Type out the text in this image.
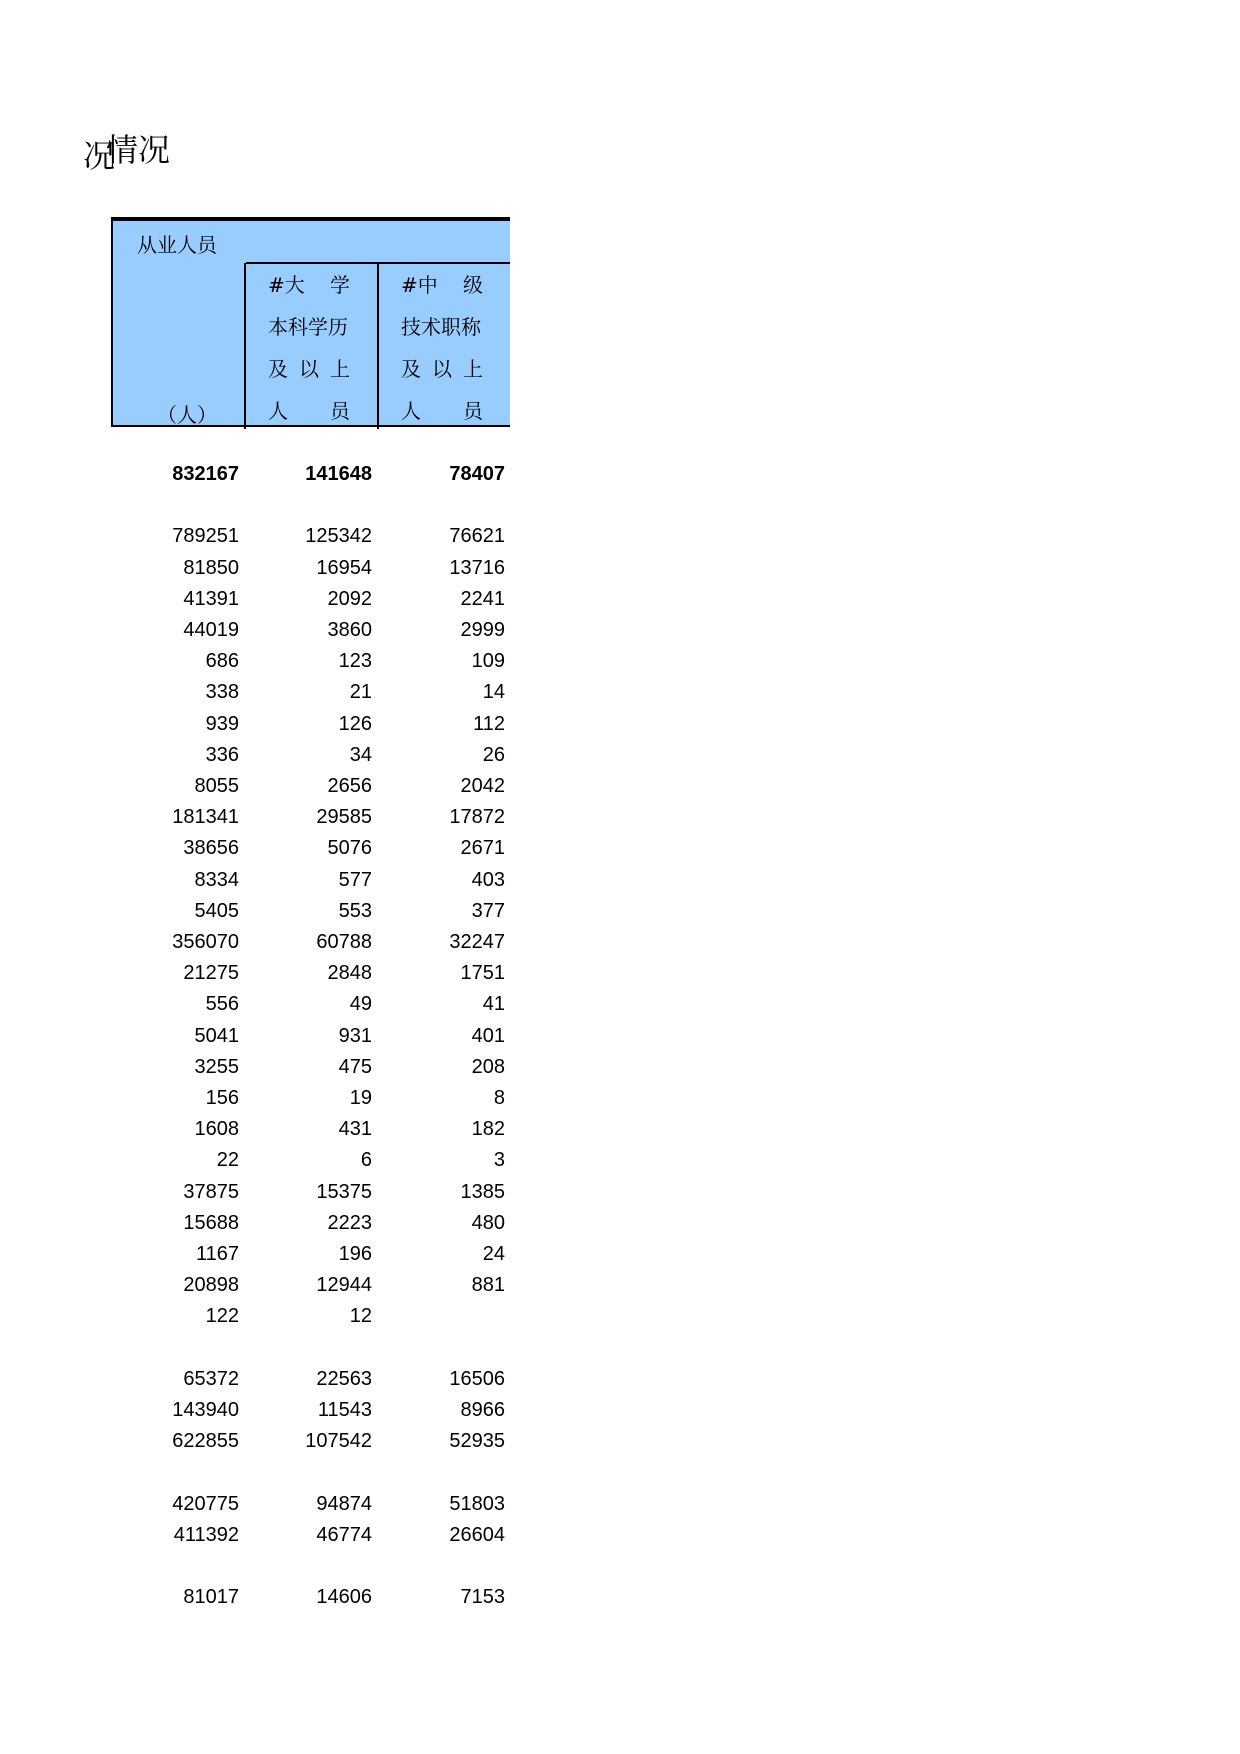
况
情况
从业人员
（人）
#大 学
本科学历
及 以 上
人 员
#中 级
技术职称
及 以 上
人 员
832167	141648	78407
789251	125342	76621
81850	16954	13716
41391	2092	2241
44019	3860	2999
686	123	109
338	21	14
939	126	112
336	34	26
8055	2656	2042
181341	29585	17872
38656	5076	2671
8334	577	403
5405	553	377
356070	60788	32247
21275	2848	1751
556	49	41
5041	931	401
3255	475	208
156	19	8
1608	431	182
22	6	3
37875	15375	1385
15688	2223	480
1167	196	24
20898	12944	881
122	12
65372	22563	16506
143940	11543	8966
622855	107542	52935
420775	94874	51803
411392	46774	26604
81017	14606	7153
